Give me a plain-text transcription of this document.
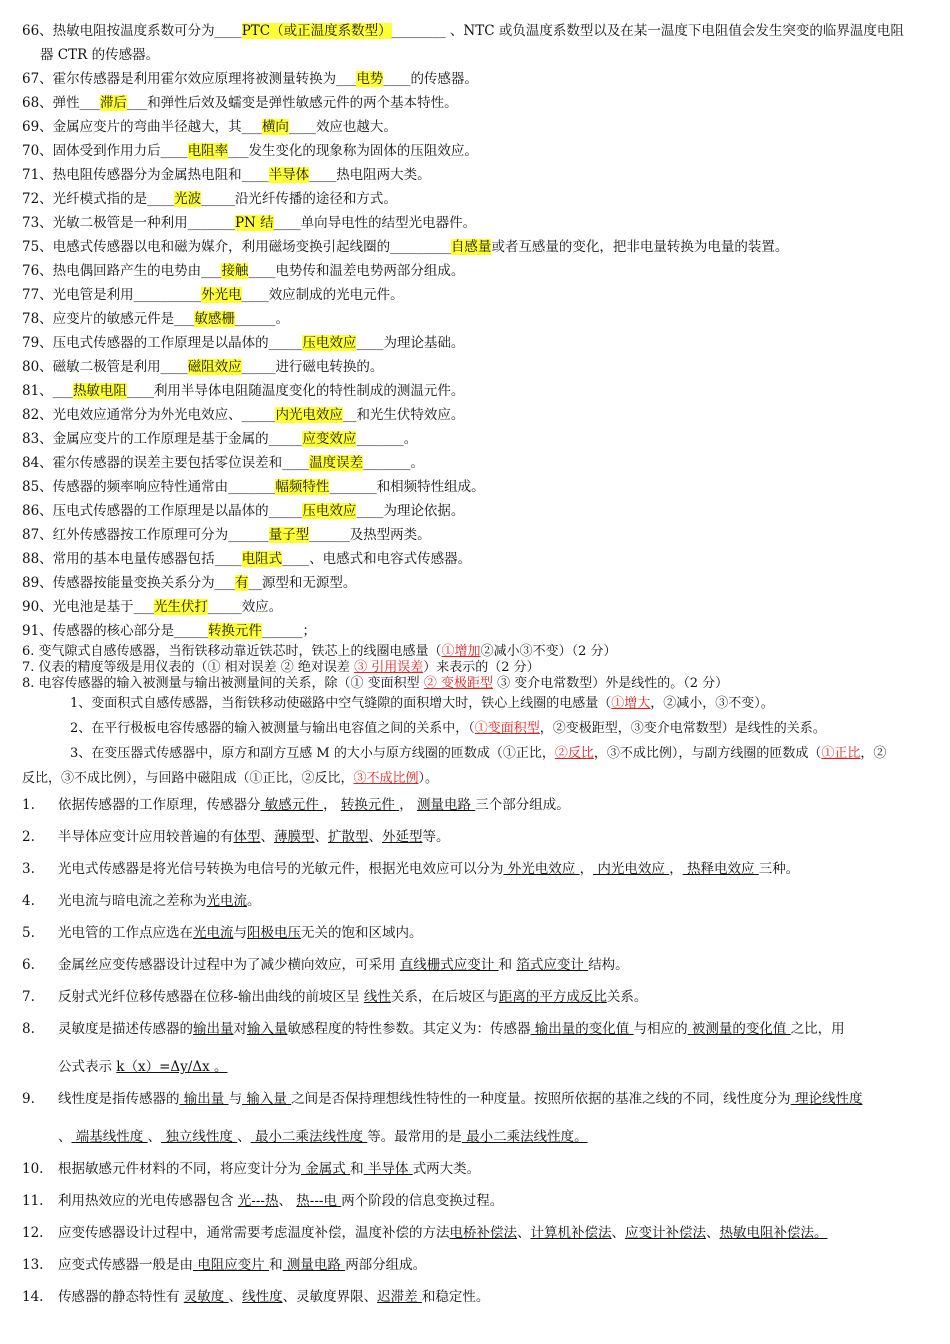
66、热敏电阻按温度系数可分为____PTC（或正温度系数型）________ 、NTC 或负温度系数型以及在某一温度下电阻值会发生突变的临界温度电阻
器 CTR 的传感器。
67、霍尔传感器是利用霍尔效应原理将被测量转换为___电势____的传感器。
68、弹性___滞后___和弹性后效及蠕变是弹性敏感元件的两个基本特性。
69、金属应变片的弯曲半径越大，其___横向____效应也越大。
70、固体受到作用力后____电阻率___发生变化的现象称为固体的压阻效应。
71、热电阻传感器分为金属热电阻和____半导体____热电阻两大类。
72、光纤模式指的是____光波_____沿光纤传播的途径和方式。
73、光敏二极管是一种利用_______PN 结____单向导电性的结型光电器件。
75、电感式传感器以电和磁为媒介，利用磁场变换引起线圈的_________自感量或者互感量的变化，把非电量转换为电量的装置。
76、热电偶回路产生的电势由___接触____电势传和温差电势两部分组成。
77、光电管是利用__________外光电____效应制成的光电元件。
78、应变片的敏感元件是___敏感栅______。
79、压电式传感器的工作原理是以晶体的_____压电效应____为理论基础。
80、磁敏二极管是利用____磁阻效应_____进行磁电转换的。
81、___热敏电阻____利用半导体电阻随温度变化的特性制成的测温元件。
82、光电效应通常分为外光电效应、_____内光电效应__和光生伏特效应。
83、金属应变片的工作原理是基于金属的_____应变效应_______。
84、霍尔传感器的误差主要包括零位误差和____温度误差_______。
85、传感器的频率响应特性通常由_______幅频特性_______和相频特性组成。
86、压电式传感器的工作原理是以晶体的_____压电效应____为理论依据。
87、红外传感器按工作原理可分为______量子型______及热型两类。
88、常用的基本电量传感器包括____电阻式____、电感式和电容式传感器。
89、传感器按能量变换关系分为___有__源型和无源型。
90、光电池是基于___光生伏打_____效应。
91、传感器的核心部分是_____转换元件______；
6. 变气隙式自感传感器，当衔铁移动靠近铁芯时，铁芯上的线圈电感量（①增加②减小③不变）（2 分）
7. 仪表的精度等级是用仪表的（① 相对误差 ② 绝对误差 ③ 引用误差）来表示的（2 分）
8. 电容传感器的输入被测量与输出被测量间的关系，除（① 变面积型 ② 变极距型 ③ 变介电常数型）外是线性的。（2 分）
1、变面积式自感传感器，当衔铁移动使磁路中空气缝隙的面积增大时，铁心上线圈的电感量（①增大，②减小，③不变）。
2、在平行极板电容传感器的输入被测量与输出电容值之间的关系中，（①变面积型，②变极距型，③变介电常数型）是线性的关系。
3、在变压器式传感器中，原方和副方互感 M 的大小与原方线圈的匝数成（①正比，②反比，③不成比例），与副方线圈的匝数成（①正比，②
反比，③不成比例），与回路中磁阻成（①正比，②反比，③不成比例）。
1. 依据传感器的工作原理，传感器分 敏感元件 ， 转换元件 ， 测量电路 三个部分组成。
2. 半导体应变计应用较普遍的有体型、薄膜型、扩散型、外延型等。
3. 光电式传感器是将光信号转换为电信号的光敏元件，根据光电效应可以分为 外光电效应 ， 内光电效应 ， 热释电效应 三种。
4. 光电流与暗电流之差称为光电流。
5. 光电管的工作点应选在光电流与阳极电压无关的饱和区域内。
6. 金属丝应变传感器设计过程中为了减少横向效应，可采用 直线栅式应变计 和 箔式应变计 结构。
7. 反射式光纤位移传感器在位移-输出曲线的前坡区呈 线性关系，在后坡区与距离的平方成反比关系。
8. 灵敏度是描述传感器的输出量对输入量敏感程度的特性参数。其定义为：传感器 输出量的变化值 与相应的 被测量的变化值 之比，用
公式表示 k（x）=Δy/Δx 。
9. 线性度是指传感器的 输出量 与 输入量 之间是否保持理想线性特性的一种度量。按照所依据的基准之线的不同，线性度分为 理论线性度
、 端基线性度 、 独立线性度 、 最小二乘法线性度 等。最常用的是 最小二乘法线性度。
10. 根据敏感元件材料的不同，将应变计分为 金属式 和 半导体 式两大类。
11. 利用热效应的光电传感器包含 光---热、 热---电 两个阶段的信息变换过程。
12. 应变传感器设计过程中，通常需要考虑温度补偿，温度补偿的方法电桥补偿法、计算机补偿法、应变计补偿法、热敏电阻补偿法。
13. 应变式传感器一般是由 电阻应变片 和 测量电路 两部分组成。
14. 传感器的静态特性有 灵敏度 、线性度、灵敏度界限、迟滞差 和稳定性。
